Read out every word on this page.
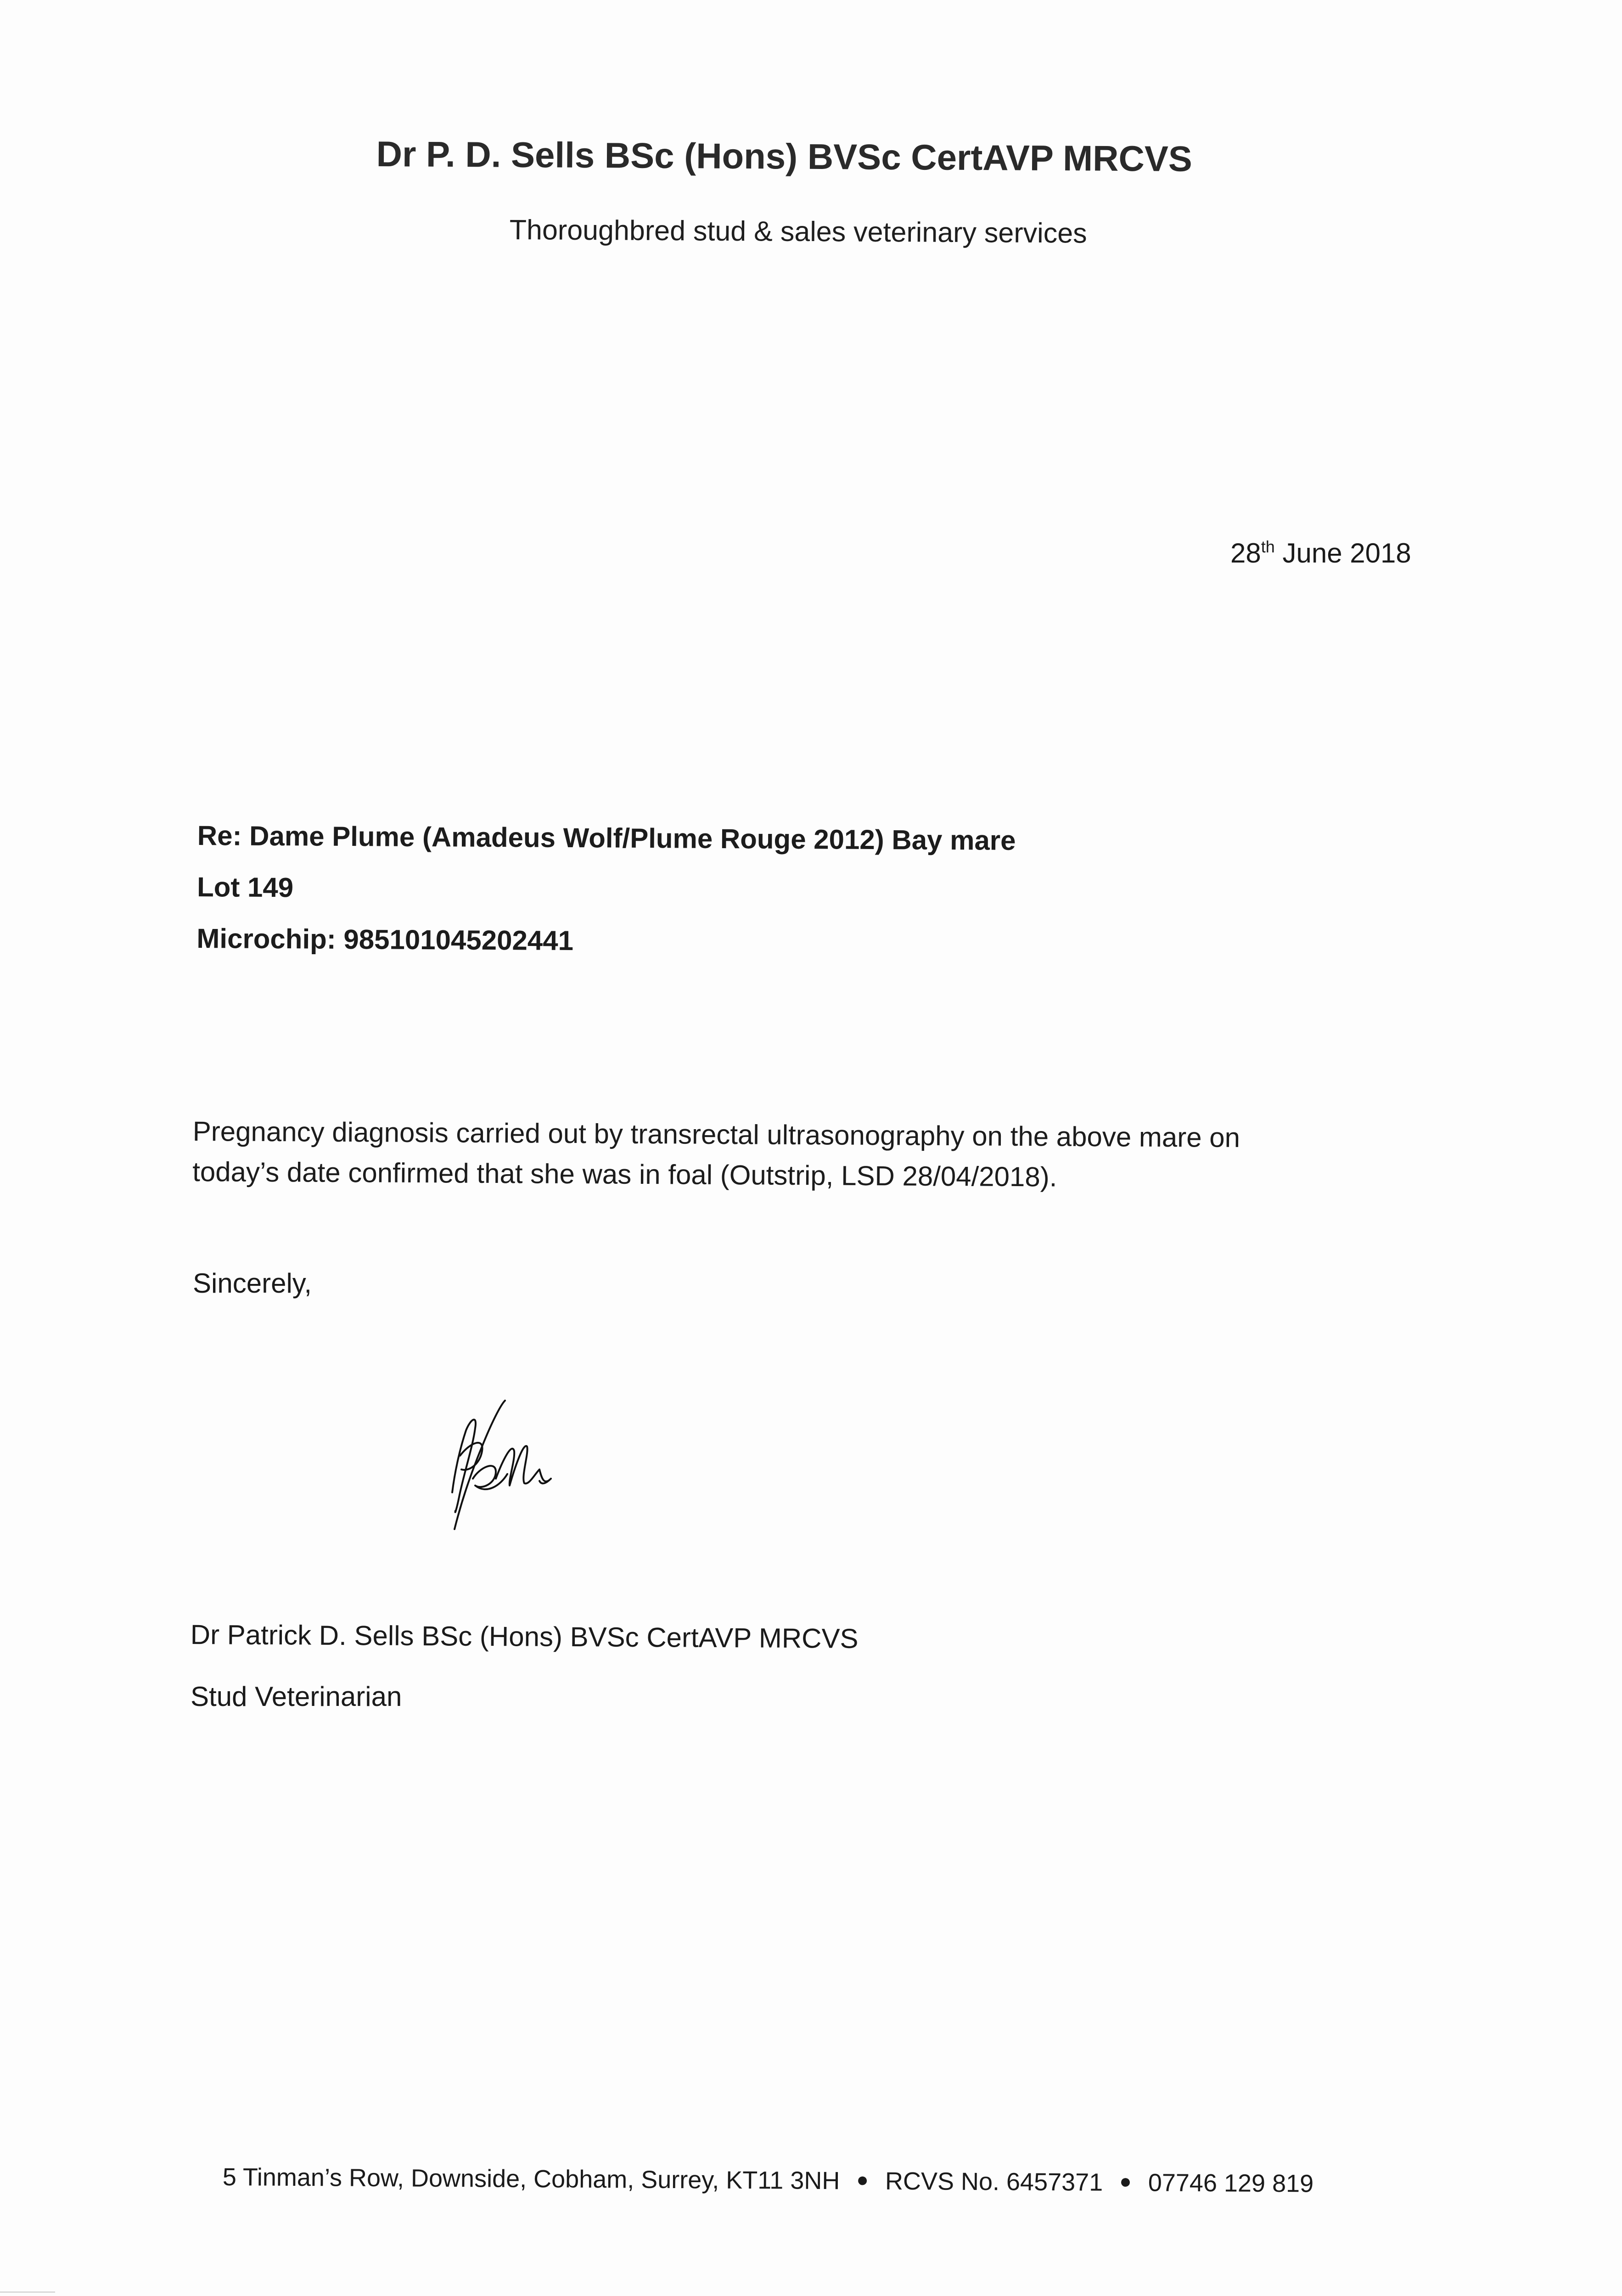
Dr P. D. Sells BSc (Hons) BVSc CertAVP MRCVS
Thoroughbred stud & sales veterinary services
28th June 2018
Re: Dame Plume (Amadeus Wolf/Plume Rouge 2012) Bay mare
Lot 149
Microchip: 985101045202441
Pregnancy diagnosis carried out by transrectal ultrasonography on the above mare on
today’s date confirmed that she was in foal (Outstrip, LSD 28/04/2018).
Sincerely,
Dr Patrick D. Sells BSc (Hons) BVSc CertAVP MRCVS
Stud Veterinarian
5 Tinman’s Row, Downside, Cobham, Surrey, KT11 3NH ● RCVS No. 6457371 ● 07746 129 819
